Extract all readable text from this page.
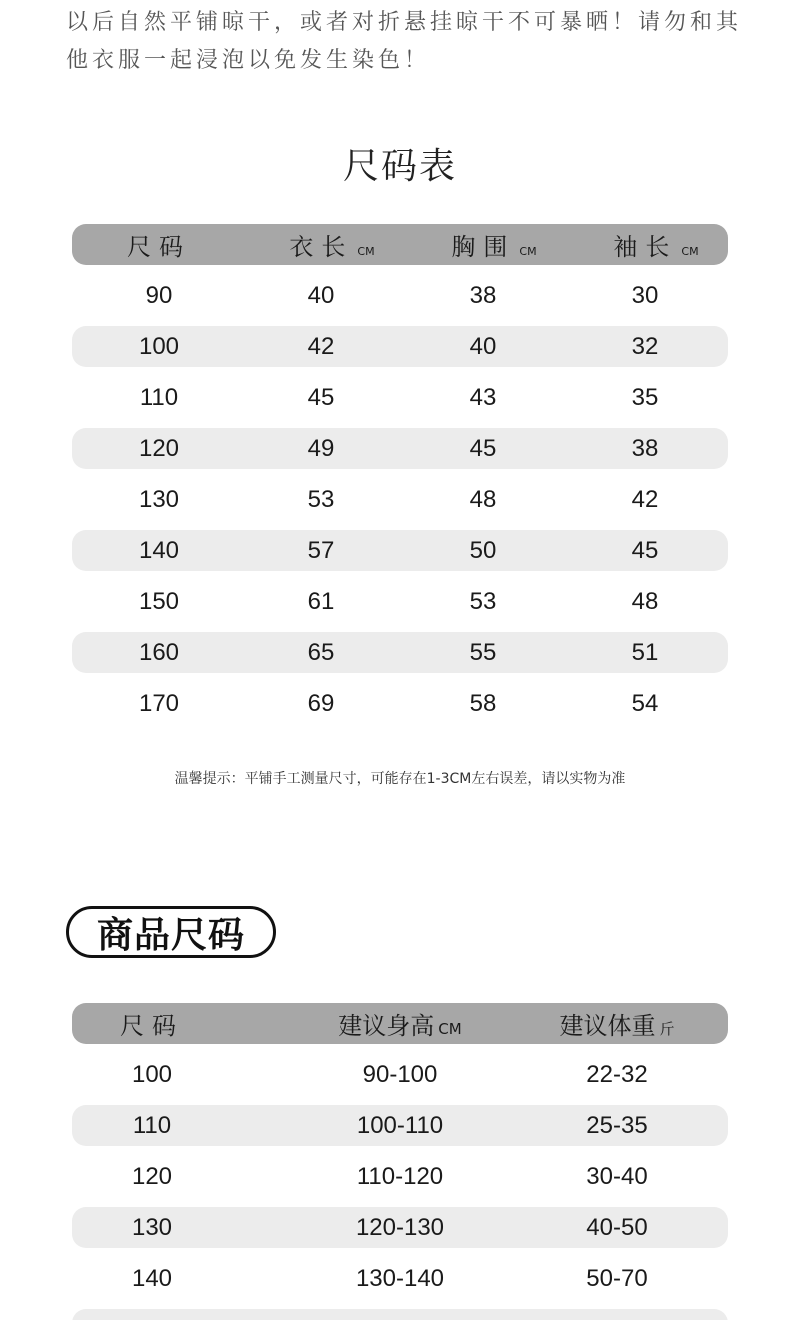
以后自然平铺晾干，或者对折悬挂晾干不可暴晒！请勿和其
他衣服一起浸泡以免发生染色！
尺码表
尺码	衣长 CM	胸围 CM	袖长 CM
90	40	38	30
100	42	40	32
110	45	43	35
120	49	45	38
130	53	48	42
140	57	50	45
150	61	53	48
160	65	55	51
170	69	58	54
温馨提示：平铺手工测量尺寸，可能存在1-3CM左右误差，请以实物为准
商品尺码
尺码	建议身高 CM	建议体重 斤
100	90-100	22-32
110	100-110	25-35
120	110-120	30-40
130	120-130	40-50
140	130-140	50-70
